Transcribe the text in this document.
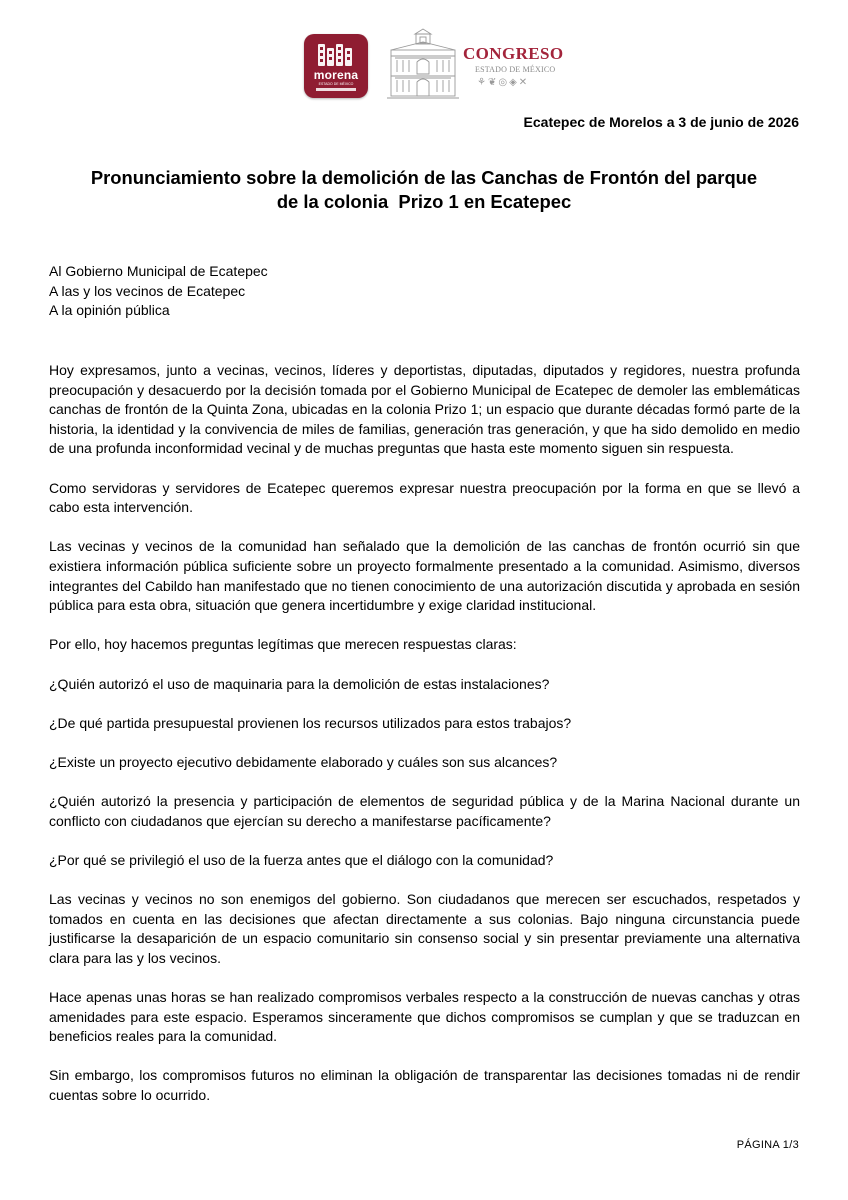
morena
ESTADO DE MÉXICO
CONGRESO
ESTADO DE MÉXICO
⚘❦◎◈✕
Ecatepec de Morelos a 3 de junio de 2026
Pronunciamiento sobre la demolición de las Canchas de Frontón del parque
de la colonia  Prizo 1 en Ecatepec
Al Gobierno Municipal de Ecatepec
A las y los vecinos de Ecatepec
A la opinión pública

Hoy expresamos, junto a vecinas, vecinos, líderes y deportistas, diputadas, diputados y regidores, nuestra profunda preocupación y desacuerdo por la decisión tomada por el Gobierno Municipal de Ecatepec de demoler las emblemáticas canchas de frontón de la Quinta Zona, ubicadas en la colonia Prizo 1; un espacio que durante décadas formó parte de la historia, la identidad y la convivencia de miles de familias, generación tras generación, y que ha sido demolido en medio de una profunda inconformidad vecinal y de muchas preguntas que hasta este momento siguen sin respuesta.

Como servidoras y servidores de Ecatepec queremos expresar nuestra preocupación por la forma en que se llevó a cabo esta intervención.

Las vecinas y vecinos de la comunidad han señalado que la demolición de las canchas de frontón ocurrió sin que existiera información pública suficiente sobre un proyecto formalmente presentado a la comunidad. Asimismo, diversos integrantes del Cabildo han manifestado que no tienen conocimiento de una autorización discutida y aprobada en sesión pública para esta obra, situación que genera incertidumbre y exige claridad institucional.

Por ello, hoy hacemos preguntas legítimas que merecen respuestas claras:

¿Quién autorizó el uso de maquinaria para la demolición de estas instalaciones?

¿De qué partida presupuestal provienen los recursos utilizados para estos trabajos?

¿Existe un proyecto ejecutivo debidamente elaborado y cuáles son sus alcances?

¿Quién autorizó la presencia y participación de elementos de seguridad pública y de la Marina Nacional durante un conflicto con ciudadanos que ejercían su derecho a manifestarse pacíficamente?

¿Por qué se privilegió el uso de la fuerza antes que el diálogo con la comunidad?

Las vecinas y vecinos no son enemigos del gobierno. Son ciudadanos que merecen ser escuchados, respetados y tomados en cuenta en las decisiones que afectan directamente a sus colonias. Bajo ninguna circunstancia puede justificarse la desaparición de un espacio comunitario sin consenso social y sin presentar previamente una alternativa clara para las y los vecinos.

Hace apenas unas horas se han realizado compromisos verbales respecto a la construcción de nuevas canchas y otras amenidades para este espacio. Esperamos sinceramente que dichos compromisos se cumplan y que se traduzcan en beneficios reales para la comunidad.

Sin embargo, los compromisos futuros no eliminan la obligación de transparentar las decisiones tomadas ni de rendir cuentas sobre lo ocurrido.

PÁGINA 1/3
